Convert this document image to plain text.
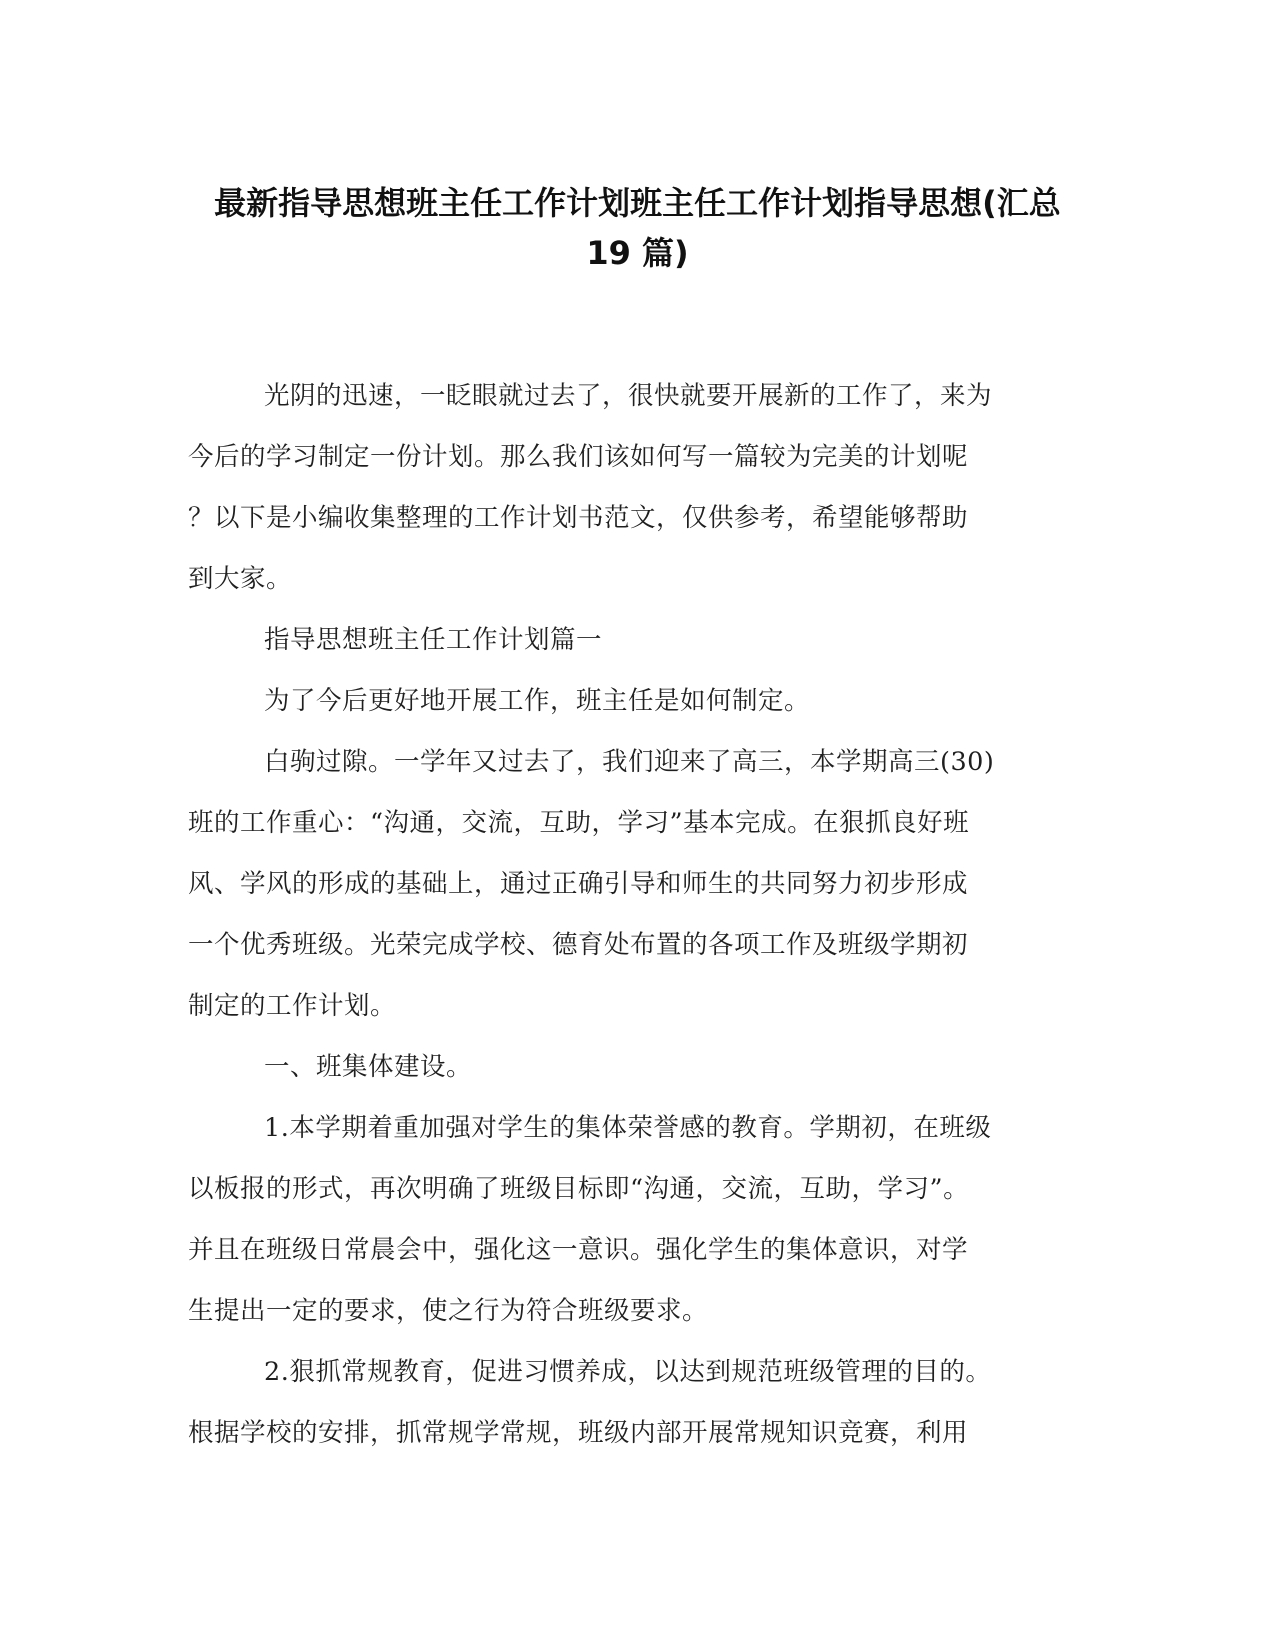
最新指导思想班主任工作计划班主任工作计划指导思想(汇总
19 篇)
光阴的迅速，一眨眼就过去了，很快就要开展新的工作了，来为
今后的学习制定一份计划。那么我们该如何写一篇较为完美的计划呢
？以下是小编收集整理的工作计划书范文，仅供参考，希望能够帮助
到大家。
指导思想班主任工作计划篇一
为了今后更好地开展工作，班主任是如何制定。
白驹过隙。一学年又过去了，我们迎来了高三，本学期高三(30)
班的工作重心：“沟通，交流，互助，学习”基本完成。在狠抓良好班
风、学风的形成的基础上，通过正确引导和师生的共同努力初步形成
一个优秀班级。光荣完成学校、德育处布置的各项工作及班级学期初
制定的工作计划。
一、班集体建设。
1.本学期着重加强对学生的集体荣誉感的教育。学期初，在班级
以板报的形式，再次明确了班级目标即“沟通，交流，互助，学习”。
并且在班级日常晨会中，强化这一意识。强化学生的集体意识，对学
生提出一定的要求，使之行为符合班级要求。
2.狠抓常规教育，促进习惯养成，以达到规范班级管理的目的。
根据学校的安排，抓常规学常规，班级内部开展常规知识竞赛，利用
